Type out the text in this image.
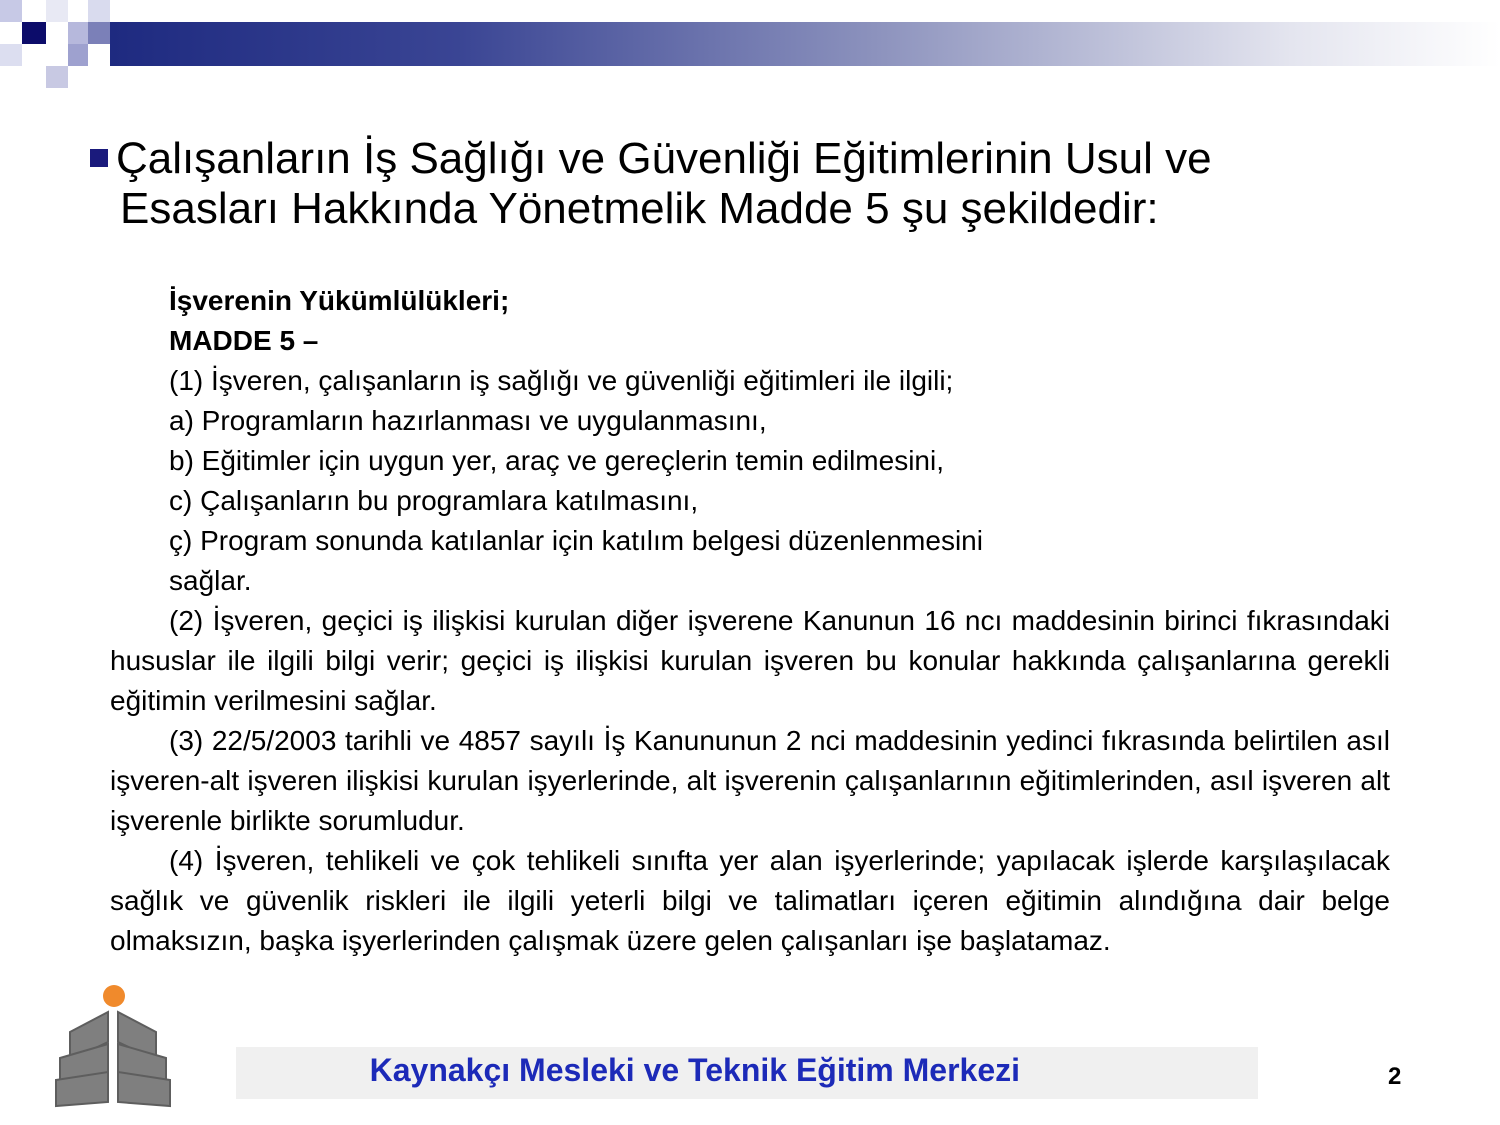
Çalışanların İş Sağlığı ve Güvenliği Eğitimlerinin Usul ve
Esasları Hakkında Yönetmelik Madde 5 şu şekildedir:
İşverenin Yükümlülükleri;
MADDE 5 –
(1) İşveren, çalışanların iş sağlığı ve güvenliği eğitimleri ile ilgili;
a) Programların hazırlanması ve uygulanmasını,
b) Eğitimler için uygun yer, araç ve gereçlerin temin edilmesini,
c) Çalışanların bu programlara katılmasını,
ç) Program sonunda katılanlar için katılım belgesi düzenlenmesini
sağlar.
(2) İşveren, geçici iş ilişkisi kurulan diğer işverene Kanunun 16 ncı maddesinin birinci fıkrasındaki hususlar ile ilgili bilgi verir; geçici iş ilişkisi kurulan işveren bu konular hakkında çalışanlarına gerekli eğitimin verilmesini sağlar.
(3) 22/5/2003 tarihli ve 4857 sayılı İş Kanununun 2 nci maddesinin yedinci fıkrasında belirtilen asıl işveren-alt işveren ilişkisi kurulan işyerlerinde, alt işverenin çalışanlarının eğitimlerinden, asıl işveren alt işverenle birlikte sorumludur.
(4) İşveren, tehlikeli ve çok tehlikeli sınıfta yer alan işyerlerinde; yapılacak işlerde karşılaşılacak sağlık ve güvenlik riskleri ile ilgili yeterli bilgi ve talimatları içeren eğitimin alındığına dair belge olmaksızın, başka işyerlerinden çalışmak üzere gelen çalışanları işe başlatamaz.
Kaynakçı Mesleki ve Teknik Eğitim Merkezi	2
